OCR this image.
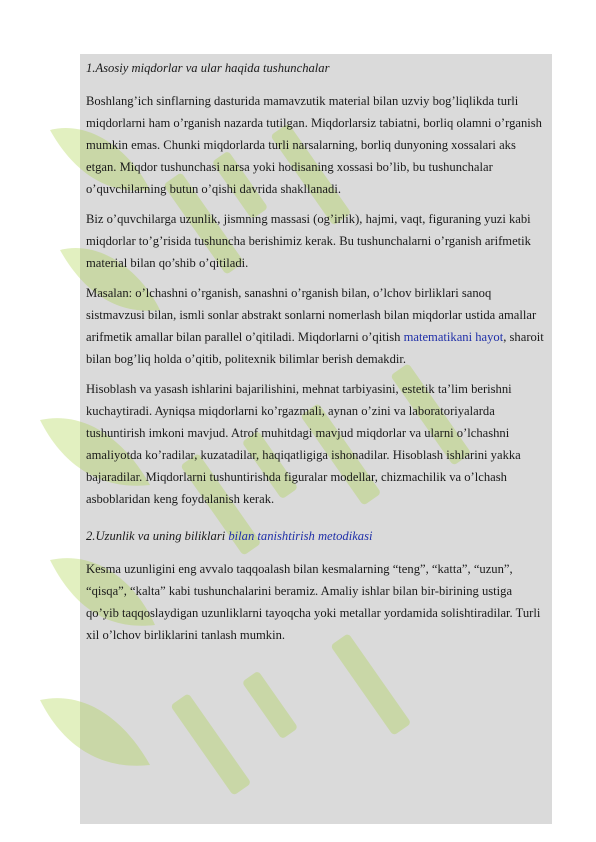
1.Asosiy miqdorlar va ular haqida tushunchalar

Boshlang’ich sinflarning dasturida mamavzutik material bilan uzviy bog’liqlikda turli miqdorlarni ham o’rganish nazarda tutilgan. Miqdorlarsiz tabiatni, borliq olamni o’rganish mumkin emas. Chunki miqdorlarda turli narsalarning, borliq dunyoning xossalari aks etgan. Miqdor tushunchasi narsa yoki hodisaning xossasi bo’lib, bu tushunchalar o’quvchilarning butun o’qishi davrida shakllanadi.

Biz o’quvchilarga uzunlik, jismning massasi (og’irlik), hajmi, vaqt, figuraning yuzi kabi miqdorlar to’g’risida tushuncha berishimiz kerak. Bu tushunchalarni o’rganish arifmetik material bilan qo’shib o’qitiladi.

Masalan: o’lchashni o’rganish, sanashni o’rganish bilan, o’lchov birliklari sanoq sistmavzusi bilan, ismli sonlar abstrakt sonlarni nomerlash bilan miqdorlar ustida amallar arifmetik amallar bilan parallel o’qitiladi. Miqdorlarni o’qitish matematikani hayot, sharoit bilan bog’liq holda o’qitib, politexnik bilimlar berish demakdir.

Hisoblash va yasash ishlarini bajarilishini, mehnat tarbiyasini, estetik ta’lim berishni kuchaytiradi. Ayniqsa miqdorlarni ko’rgazmali, aynan o’zini va laboratoriyalarda tushuntirish imkoni mavjud. Atrof muhitdagi mavjud miqdorlar va ularni o’lchashni amaliyotda ko’radilar, kuzatadilar, haqiqatligiga ishonadilar. Hisoblash ishlarini yakka bajaradilar. Miqdorlarni tushuntirishda figuralar modellar, chizmachilik va o’lchash asboblaridan keng foydalanish kerak.

2.Uzunlik va uning biliklari bilan tanishtirish metodikasi

Kesma uzunligini eng avvalo taqqoalash bilan kesmalarning “teng”, “katta”, “uzun”, “qisqa”, “kalta” kabi tushunchalarini beramiz. Amaliy ishlar bilan bir-birining ustiga qo’yib taqqoslaydigan uzunliklarni tayoqcha yoki metallar yordamida solishtiradilar. Turli xil o’lchov birliklarini tanlash mumkin.
